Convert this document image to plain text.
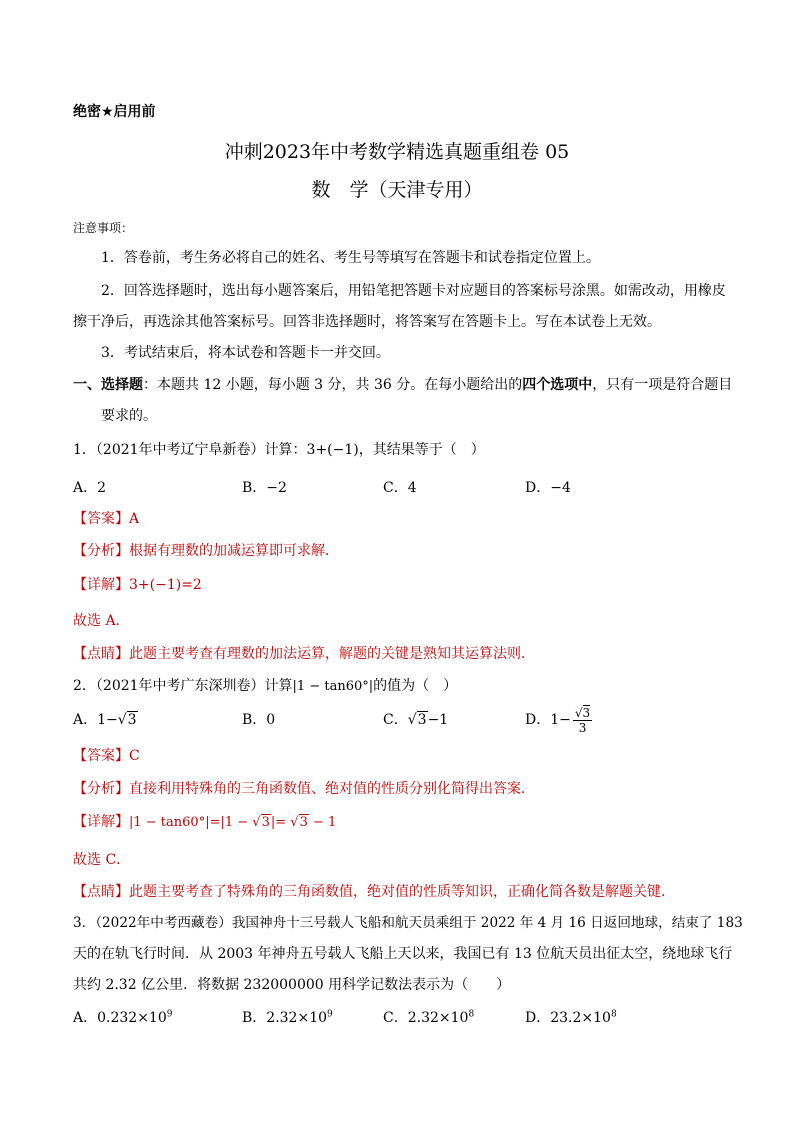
绝密★启用前
冲刺2023年中考数学精选真题重组卷 05
数　学（天津专用）
注意事项：
1．答卷前，考生务必将自己的姓名、考生号等填写在答题卡和试卷指定位置上。
2．回答选择题时，选出每小题答案后，用铅笔把答题卡对应题目的答案标号涂黑。如需改动，用橡皮
擦干净后，再选涂其他答案标号。回答非选择题时，将答案写在答题卡上。写在本试卷上无效。
3．考试结束后，将本试卷和答题卡一并交回。
一、选择题：本题共 12 小题，每小题 3 分，共 36 分。在每小题给出的四个选项中，只有一项是符合题目
要求的。
1．（2021年中考辽宁阜新卷）计算：3+(−1)，其结果等于（　）
A．2	B．−2	C．4	D．−4
【答案】A
【分析】根据有理数的加减运算即可求解．
【详解】3+(−1)=2
故选 A．
【点睛】此题主要考查有理数的加法运算，解题的关键是熟知其运算法则．
2．（2021年中考广东深圳卷）计算|1 − tan60°|的值为（　）
A．1−√3	B．0	C．√3−1	D．$1- \frac{√3}{3}$
【答案】C
【分析】直接利用特殊角的三角函数值、绝对值的性质分别化简得出答案．
【详解】|1 − tan60°|=|1 − √3|= √3 − 1
故选 C．
【点睛】此题主要考查了特殊角的三角函数值，绝对值的性质等知识，正确化简各数是解题关键．
3．（2022年中考西藏卷）我国神舟十三号载人飞船和航天员乘组于 2022 年 4 月 16 日返回地球，结束了 183
天的在轨飞行时间．从 2003 年神舟五号载人飞船上天以来，我国已有 13 位航天员出征太空，绕地球飞行
共约 2.32 亿公里．将数据 232000000 用科学记数法表示为（　　）
A．$0.232\times 10^9$	B．$2.32\times 10^9$	C．$2.32\times 10^8$	D．$23.2\times 10^8$
